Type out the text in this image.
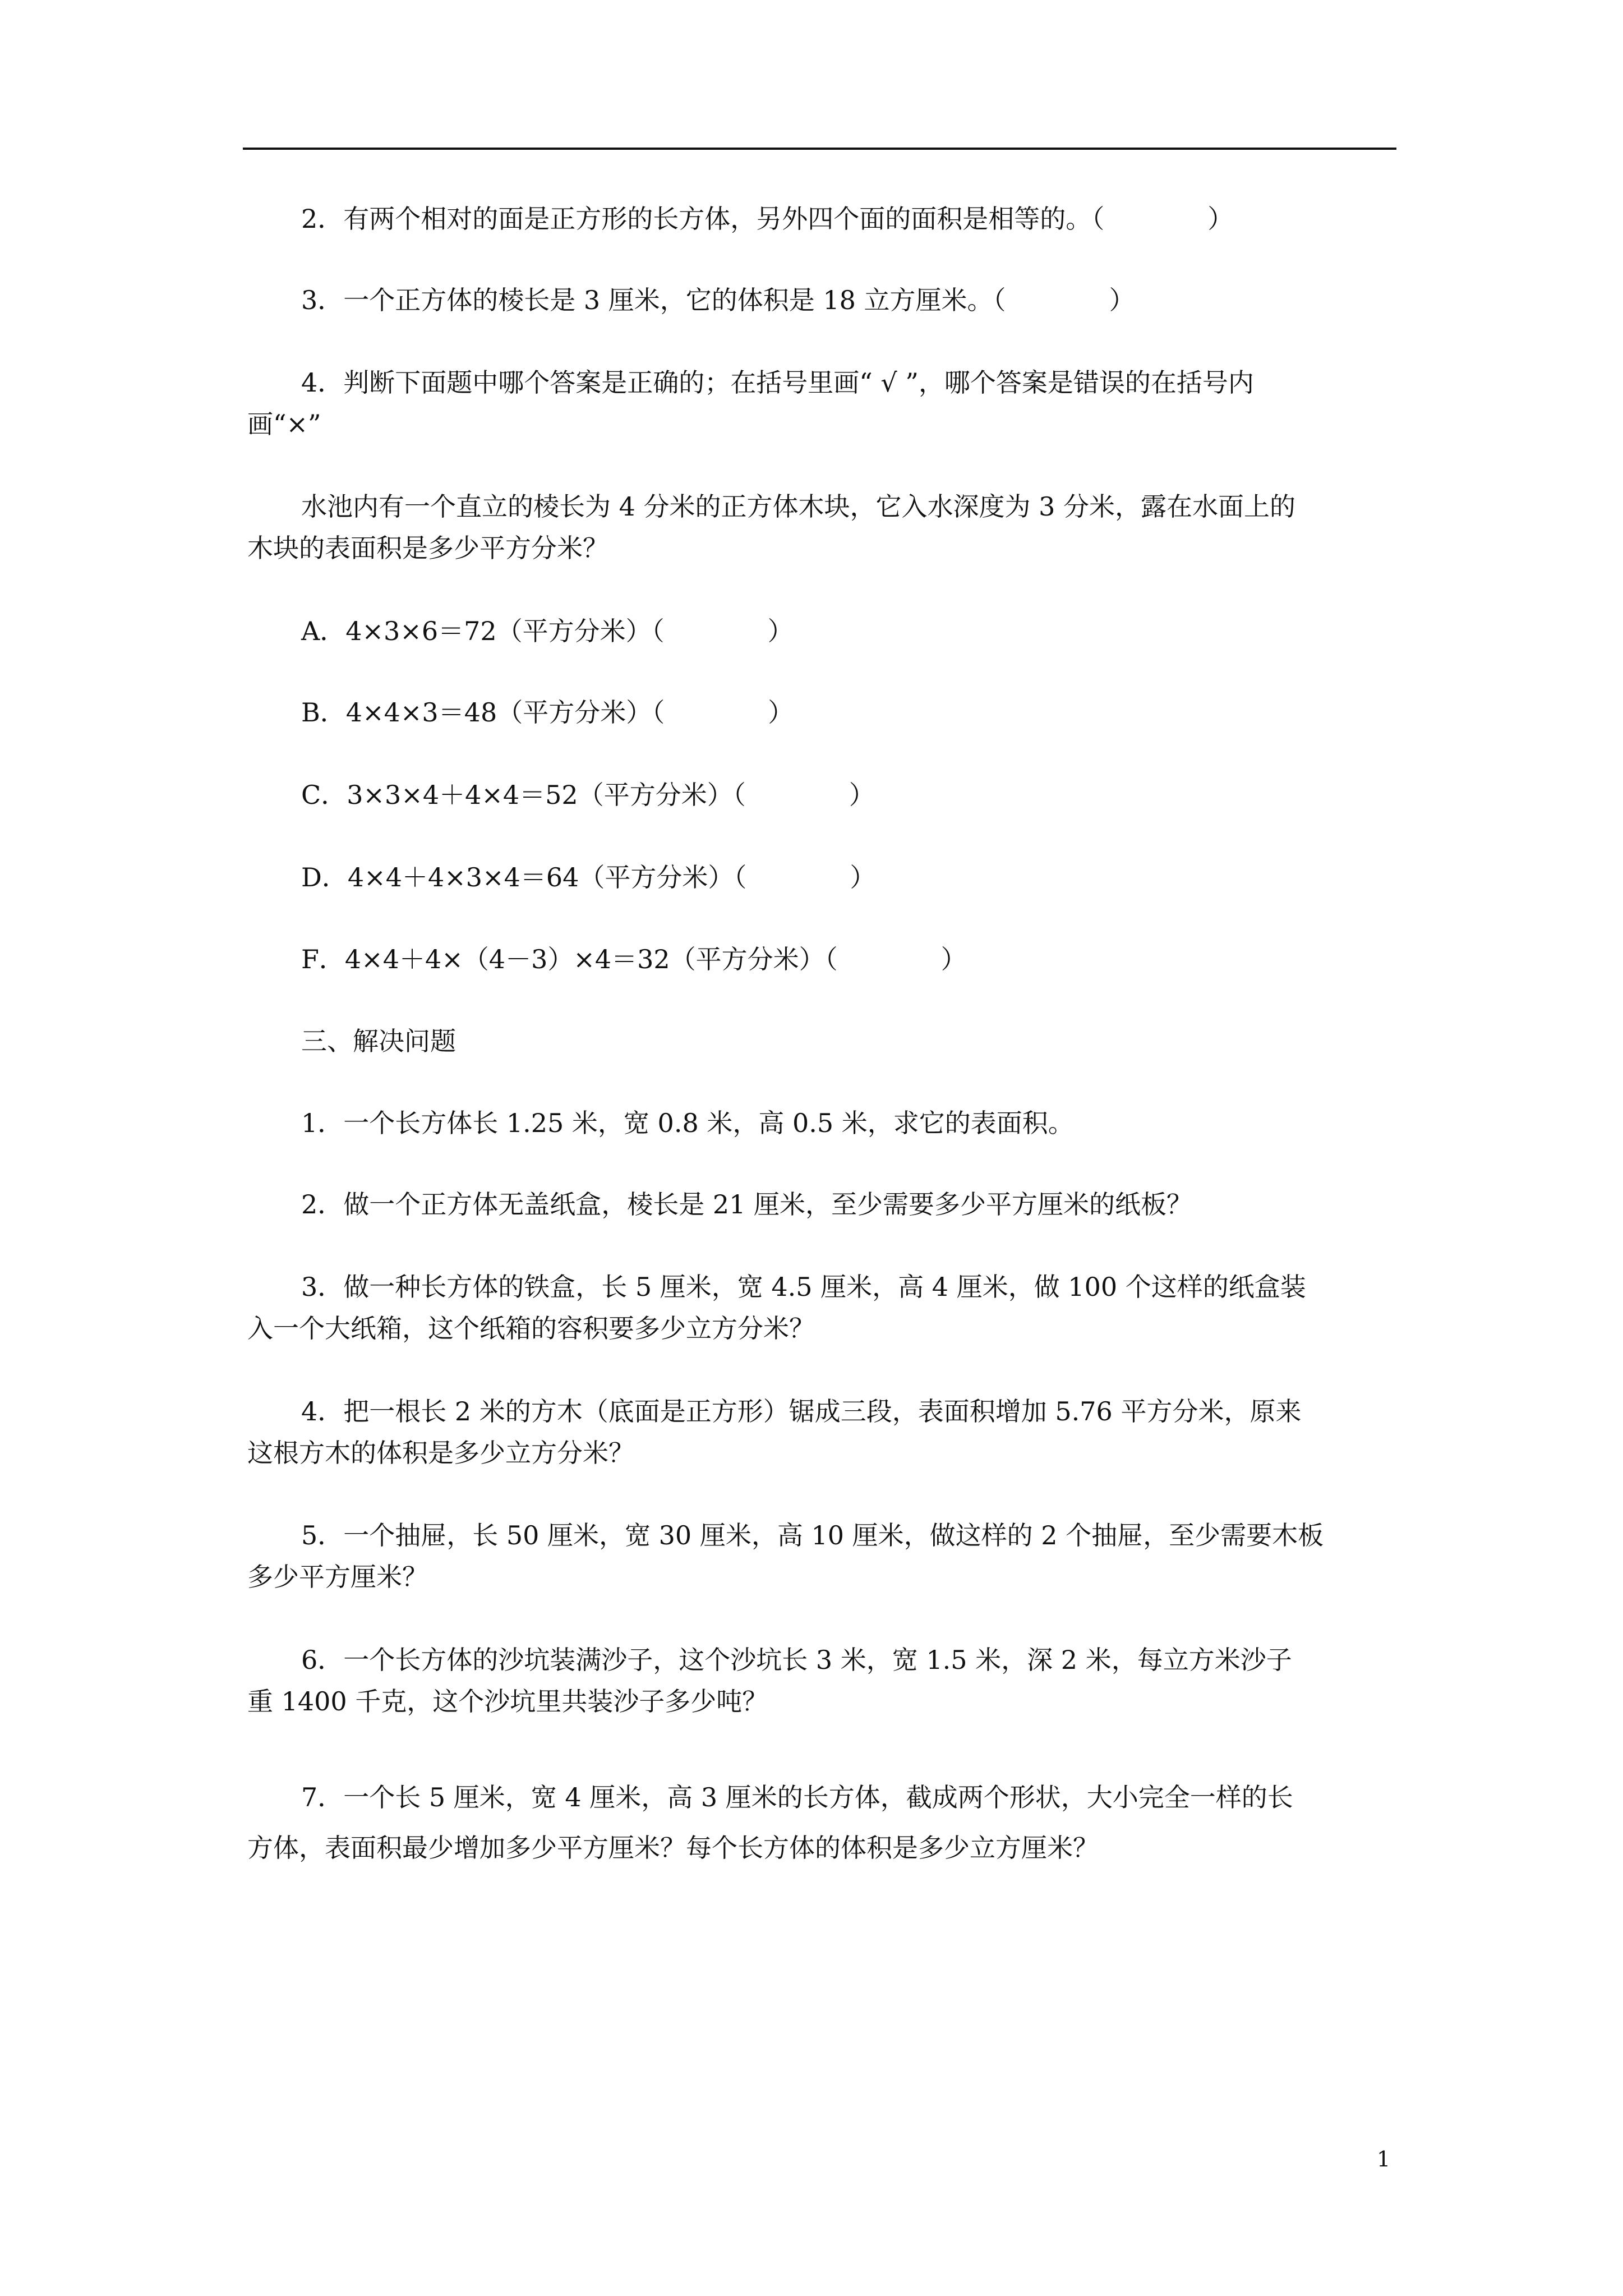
2．有两个相对的面是正方形的长方体，另外四个面的面积是相等的。（　　　　）
3．一个正方体的棱长是 3 厘米，它的体积是 18 立方厘米。（　　　　）
4．判断下面题中哪个答案是正确的；在括号里画“ √ ”，哪个答案是错误的在括号内
画“×”
水池内有一个直立的棱长为 4 分米的正方体木块，它入水深度为 3 分米，露在水面上的
木块的表面积是多少平方分米？
A．4×3×6＝72（平方分米）（　　　　）
B．4×4×3＝48（平方分米）（　　　　）
C．3×3×4＋4×4＝52（平方分米）（　　　　）
D．4×4＋4×3×4＝64（平方分米）（　　　　）
F．4×4＋4×（4－3）×4＝32（平方分米）（　　　　）
三、解决问题
1．一个长方体长 1.25 米，宽 0.8 米，高 0.5 米，求它的表面积。
2．做一个正方体无盖纸盒，棱长是 21 厘米，至少需要多少平方厘米的纸板？
3．做一种长方体的铁盒，长 5 厘米，宽 4.5 厘米，高 4 厘米，做 100 个这样的纸盒装
入一个大纸箱，这个纸箱的容积要多少立方分米？
4．把一根长 2 米的方木（底面是正方形）锯成三段，表面积增加 5.76 平方分米，原来
这根方木的体积是多少立方分米？
5．一个抽屉，长 50 厘米，宽 30 厘米，高 10 厘米，做这样的 2 个抽屉，至少需要木板
多少平方厘米？
6．一个长方体的沙坑装满沙子，这个沙坑长 3 米，宽 1.5 米，深 2 米，每立方米沙子
重 1400 千克，这个沙坑里共装沙子多少吨？
7．一个长 5 厘米，宽 4 厘米，高 3 厘米的长方体，截成两个形状，大小完全一样的长
方体，表面积最少增加多少平方厘米？每个长方体的体积是多少立方厘米？
1
